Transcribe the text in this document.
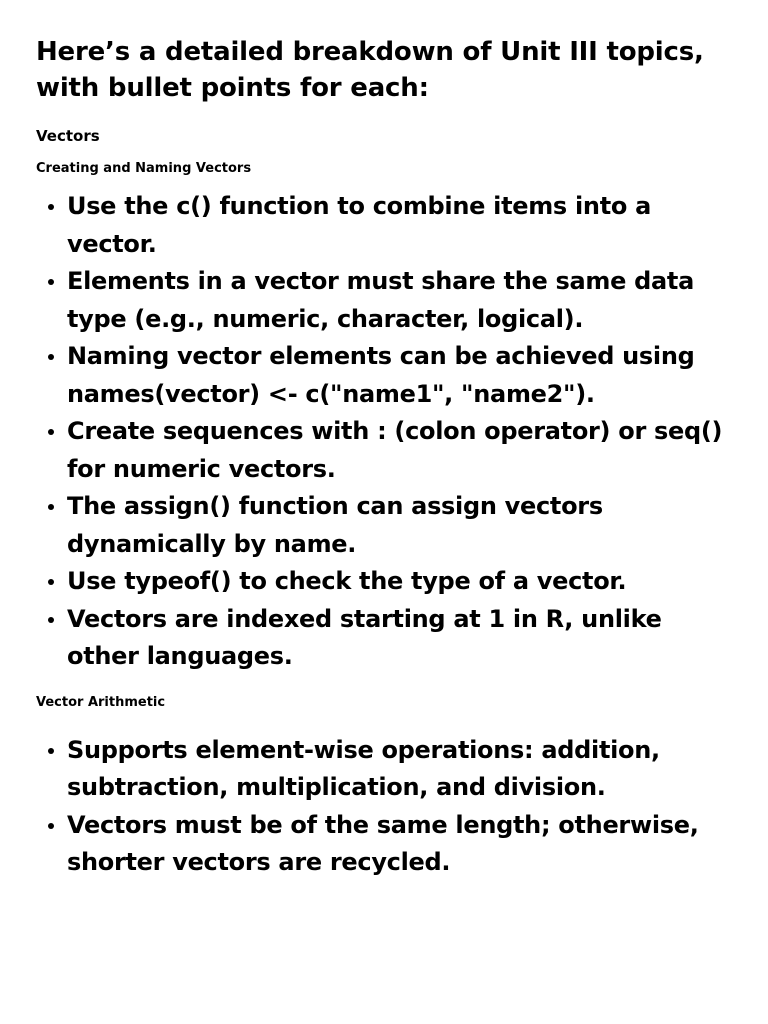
Here’s a detailed breakdown of Unit III topics, with bullet points for each:
Vectors
Creating and Naming Vectors
Use the c() function to combine items into a vector.
Elements in a vector must share the same data type (e.g., numeric, character, logical).
Naming vector elements can be achieved using names(vector) <- c("name1", "name2").
Create sequences with : (colon operator) or seq() for numeric vectors.
The assign() function can assign vectors dynamically by name.
Use typeof() to check the type of a vector.
Vectors are indexed starting at 1 in R, unlike other languages.
Vector Arithmetic
Supports element-wise operations: addition, subtraction, multiplication, and division.
Vectors must be of the same length; otherwise, shorter vectors are recycled.
